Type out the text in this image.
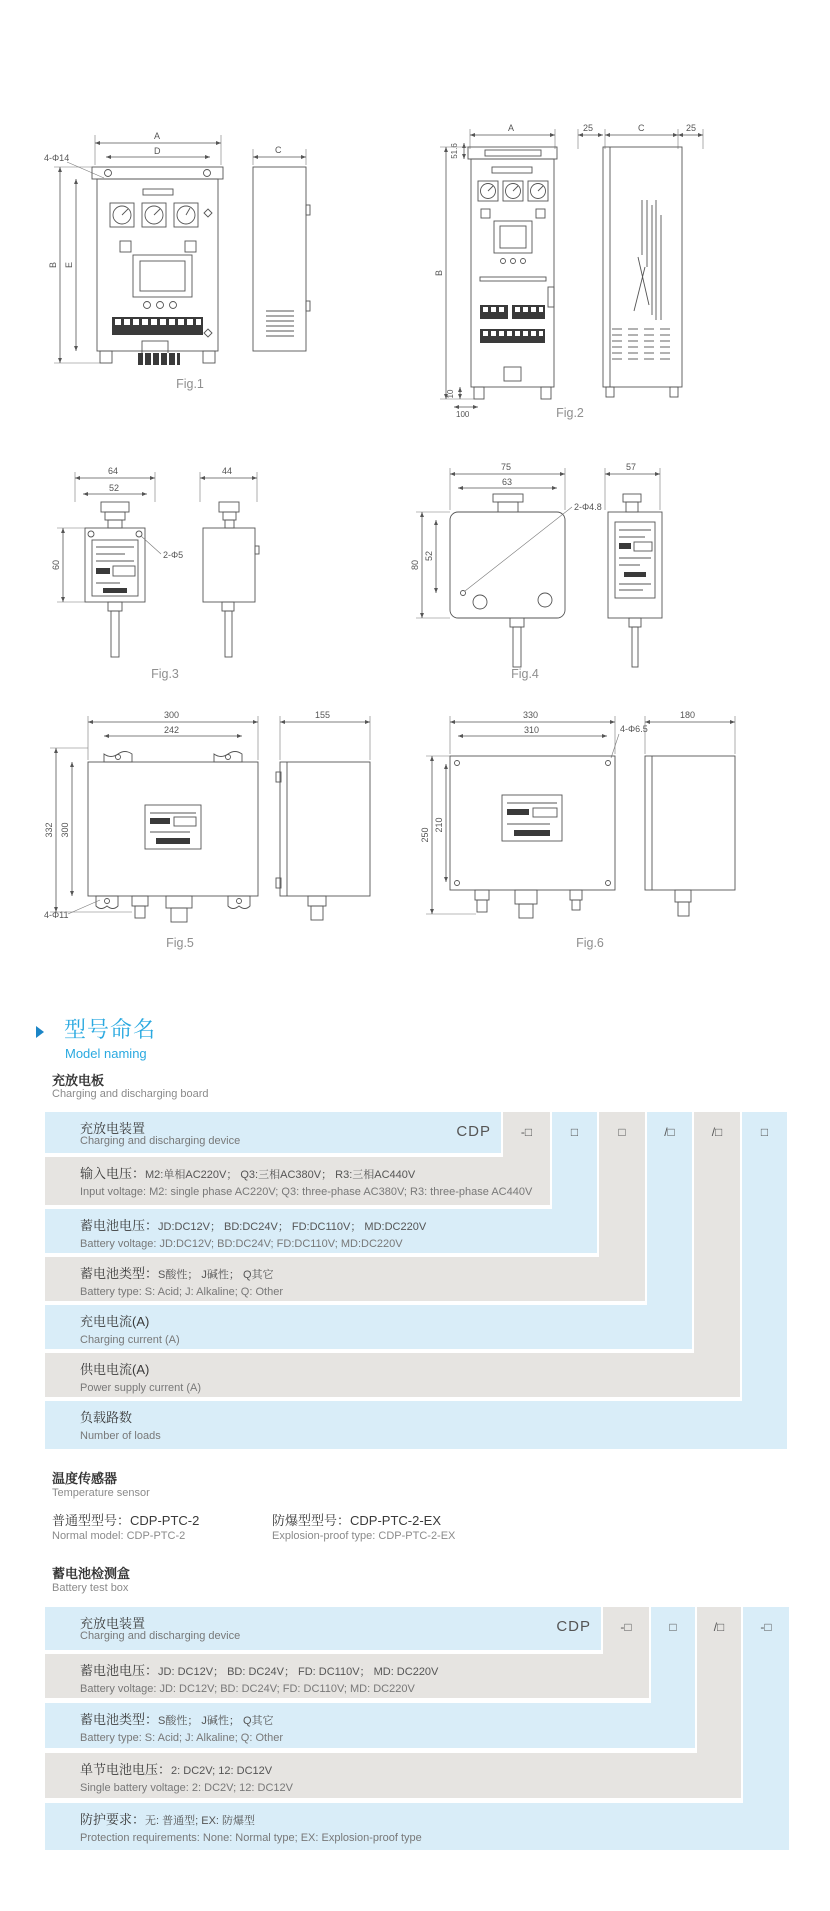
4-Φ14
A
D
B E
C
Fig.1
A
51.6
B
10
100
25	C	25
Fig.2
64
52
60
2-Φ5
44
Fig.3
75
63
2-Φ4.8
80
52
57
Fig.4
300
242
4-Φ11
332 300
155
Fig.5
330
310	4-Φ6.5
250
210
180
Fig.6
型号命名
Model naming
充放电板
Charging and discharging board
-□	□	□	/□	/□	□
充放电装置
Charging and discharging device
CDP
输入电压：M2:单相AC220V； Q3:三相AC380V； R3:三相AC440V
Input voltage: M2: single phase AC220V; Q3: three-phase AC380V; R3: three-phase AC440V
蓄电池电压：JD:DC12V； BD:DC24V； FD:DC110V； MD:DC220V
Battery voltage: JD:DC12V; BD:DC24V; FD:DC110V; MD:DC220V
蓄电池类型：S酸性； J碱性； Q其它
Battery type: S: Acid; J: Alkaline; Q: Other
充电电流(A)
Charging current (A)
供电电流(A)
Power supply current (A)
负载路数
Number of loads
温度传感器
Temperature sensor
普通型型号：CDP-PTC-2
Normal model: CDP-PTC-2
防爆型型号：CDP-PTC-2-EX
Explosion-proof type: CDP-PTC-2-EX
蓄电池检测盒
Battery test box
-□	□	/□	-□
充放电装置
Charging and discharging device
CDP
蓄电池电压：JD: DC12V； BD: DC24V； FD: DC110V； MD: DC220V
Battery voltage: JD: DC12V; BD: DC24V; FD: DC110V; MD: DC220V
蓄电池类型：S酸性； J碱性； Q其它
Battery type: S: Acid; J: Alkaline; Q: Other
单节电池电压：2: DC2V; 12: DC12V
Single battery voltage: 2: DC2V; 12: DC12V
防护要求：无: 普通型; EX: 防爆型
Protection requirements: None: Normal type; EX: Explosion-proof type
